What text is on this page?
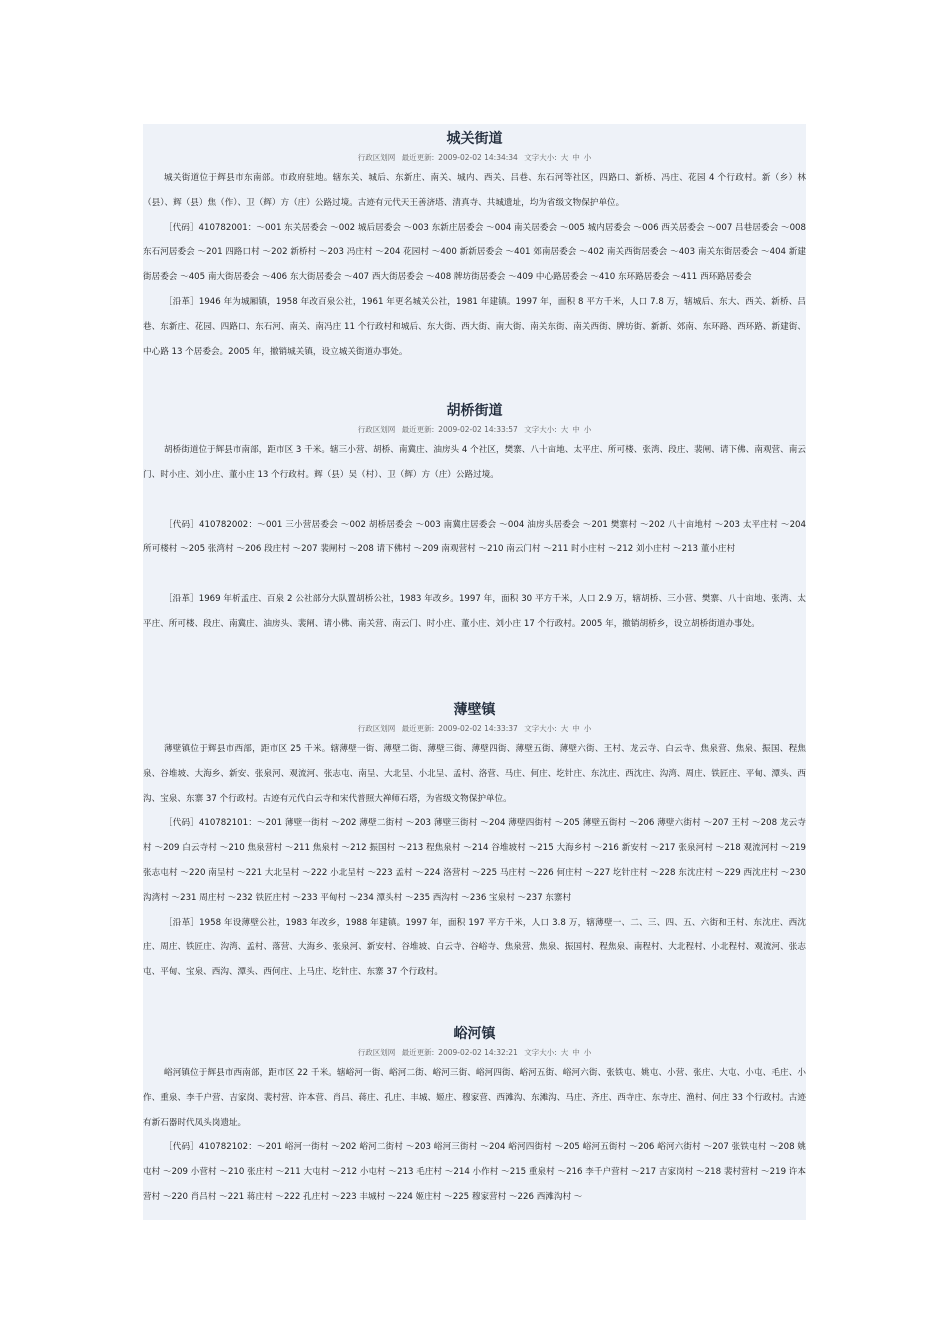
城关街道
行政区划网 最近更新: 2009-02-02 14:34:34 文字大小: 大 中 小

城关街道位于辉县市东南部。市政府驻地。辖东关、城后、东新庄、南关、城内、西关、吕巷、东石河等社区，四路口、新桥、冯庄、花园 4 个行政村。新（乡）林（县）、辉（县）焦（作）、卫（辉）方（庄）公路过境。古迹有元代天王善济塔、清真寺、共城遗址，均为省级文物保护单位。

［代码］410782001：～001 东关居委会 ～002 城后居委会 ～003 东新庄居委会 ～004 南关居委会 ～005 城内居委会 ～006 西关居委会 ～007 吕巷居委会 ～008 东石河居委会 ～201 四路口村 ～202 新桥村 ～203 冯庄村 ～204 花园村 ～400 新新居委会 ～401 郊南居委会 ～402 南关西街居委会 ～403 南关东街居委会 ～404 新建街居委会 ～405 南大街居委会 ～406 东大街居委会 ～407 西大街居委会 ～408 牌坊街居委会 ～409 中心路居委会 ～410 东环路居委会 ～411 西环路居委会

［沿革］1946 年为城厢镇，1958 年改百泉公社，1961 年更名城关公社，1981 年建镇。1997 年，面积 8 平方千米，人口 7.8 万，辖城后、东大、西关、新桥、吕巷、东新庄、花园、四路口、东石河、南关、南冯庄 11 个行政村和城后、东大街、西大街、南大街、南关东街、南关西街、牌坊街、新新、郊南、东环路、西环路、新建街、中心路 13 个居委会。2005 年，撤销城关镇，设立城关街道办事处。

胡桥街道
行政区划网 最近更新: 2009-02-02 14:33:57 文字大小: 大 中 小

胡桥街道位于辉县市南部，距市区 3 千米。辖三小营、胡桥、南冀庄、油房头 4 个社区，樊寨、八十亩地、太平庄、所可楼、张湾、段庄、裴闸、请下佛、南观营、南云门、时小庄、刘小庄、董小庄 13 个行政村。辉（县）吴（村）、卫（辉）方（庄）公路过境。

［代码］410782002：～001 三小营居委会 ～002 胡桥居委会 ～003 南冀庄居委会 ～004 油房头居委会 ～201 樊寨村 ～202 八十亩地村 ～203 太平庄村 ～204 所可楼村 ～205 张湾村 ～206 段庄村 ～207 裴闸村 ～208 请下佛村 ～209 南观营村 ～210 南云门村 ～211 时小庄村 ～212 刘小庄村 ～213 董小庄村

［沿革］1969 年析孟庄、百泉 2 公社部分大队置胡桥公社，1983 年改乡。1997 年，面积 30 平方千米，人口 2.9 万，辖胡桥、三小营、樊寨、八十亩地、张湾、太平庄、所可楼、段庄、南冀庄、油房头、裴闸、请小佛、南关营、南云门、时小庄、董小庄、刘小庄 17 个行政村。2005 年，撤销胡桥乡，设立胡桥街道办事处。

薄壁镇
行政区划网 最近更新: 2009-02-02 14:33:37 文字大小: 大 中 小

薄壁镇位于辉县市西部，距市区 25 千米。辖薄壁一街、薄壁二街、薄壁三街、薄壁四街、薄壁五街、薄壁六街、王村、龙云寺、白云寺、焦泉营、焦泉、振国、程焦泉、谷堆坡、大海乡、新安、张泉河、观流河、张志屯、南呈、大北呈、小北呈、孟村、洛营、马庄、何庄、圪针庄、东沈庄、西沈庄、沟湾、周庄、铁匠庄、平甸、潭头、西沟、宝泉、东寨 37 个行政村。古迹有元代白云寺和宋代普照大禅师石塔，为省级文物保护单位。

［代码］410782101：～201 薄壁一街村 ～202 薄壁二街村 ～203 薄壁三街村 ～204 薄壁四街村 ～205 薄壁五街村 ～206 薄壁六街村 ～207 王村 ～208 龙云寺村 ～209 白云寺村 ～210 焦泉营村 ～211 焦泉村 ～212 振国村 ～213 程焦泉村 ～214 谷堆坡村 ～215 大海乡村 ～216 新安村 ～217 张泉河村 ～218 观流河村 ～219 张志屯村 ～220 南呈村 ～221 大北呈村 ～222 小北呈村 ～223 孟村 ～224 洛营村 ～225 马庄村 ～226 何庄村 ～227 圪针庄村 ～228 东沈庄村 ～229 西沈庄村 ～230 沟湾村 ～231 周庄村 ～232 铁匠庄村 ～233 平甸村 ～234 潭头村 ～235 西沟村 ～236 宝泉村 ～237 东寨村

［沿革］1958 年设薄壁公社，1983 年改乡，1988 年建镇。1997 年，面积 197 平方千米，人口 3.8 万，辖薄壁一、二、三、四、五、六街和王村、东沈庄、西沈庄、周庄、铁匠庄、沟湾、孟村、落营、大海乡、张泉河、新安村、谷堆坡、白云寺、谷峪寺、焦泉营、焦泉、振国村、程焦泉、南程村、大北程村、小北程村、观流河、张志屯、平甸、宝泉、西沟、潭头、西何庄、上马庄、圪针庄、东寨 37 个行政村。

峪河镇
行政区划网 最近更新: 2009-02-02 14:32:21 文字大小: 大 中 小

峪河镇位于辉县市西南部，距市区 22 千米。辖峪河一街、峪河二街、峪河三街、峪河四街、峪河五街、峪河六街、张铁屯、姚屯、小营、张庄、大屯、小屯、毛庄、小作、重泉、李千户营、吉家岗、裴村营、许本营、肖吕、蒋庄、孔庄、丰城、姬庄、穆家营、西滩沟、东滩沟、马庄、齐庄、西寺庄、东寺庄、渔村、何庄 33 个行政村。古迹有新石器时代凤头岗遗址。

［代码］410782102：～201 峪河一街村 ～202 峪河二街村 ～203 峪河三街村 ～204 峪河四街村 ～205 峪河五街村 ～206 峪河六街村 ～207 张铁屯村 ～208 姚屯村 ～209 小营村 ～210 张庄村 ～211 大屯村 ～212 小屯村 ～213 毛庄村 ～214 小作村 ～215 重泉村 ～216 李千户营村 ～217 吉家岗村 ～218 裴村营村 ～219 许本营村 ～220 肖吕村 ～221 蒋庄村 ～222 孔庄村 ～223 丰城村 ～224 姬庄村 ～225 穆家营村 ～226 西滩沟村 ～
